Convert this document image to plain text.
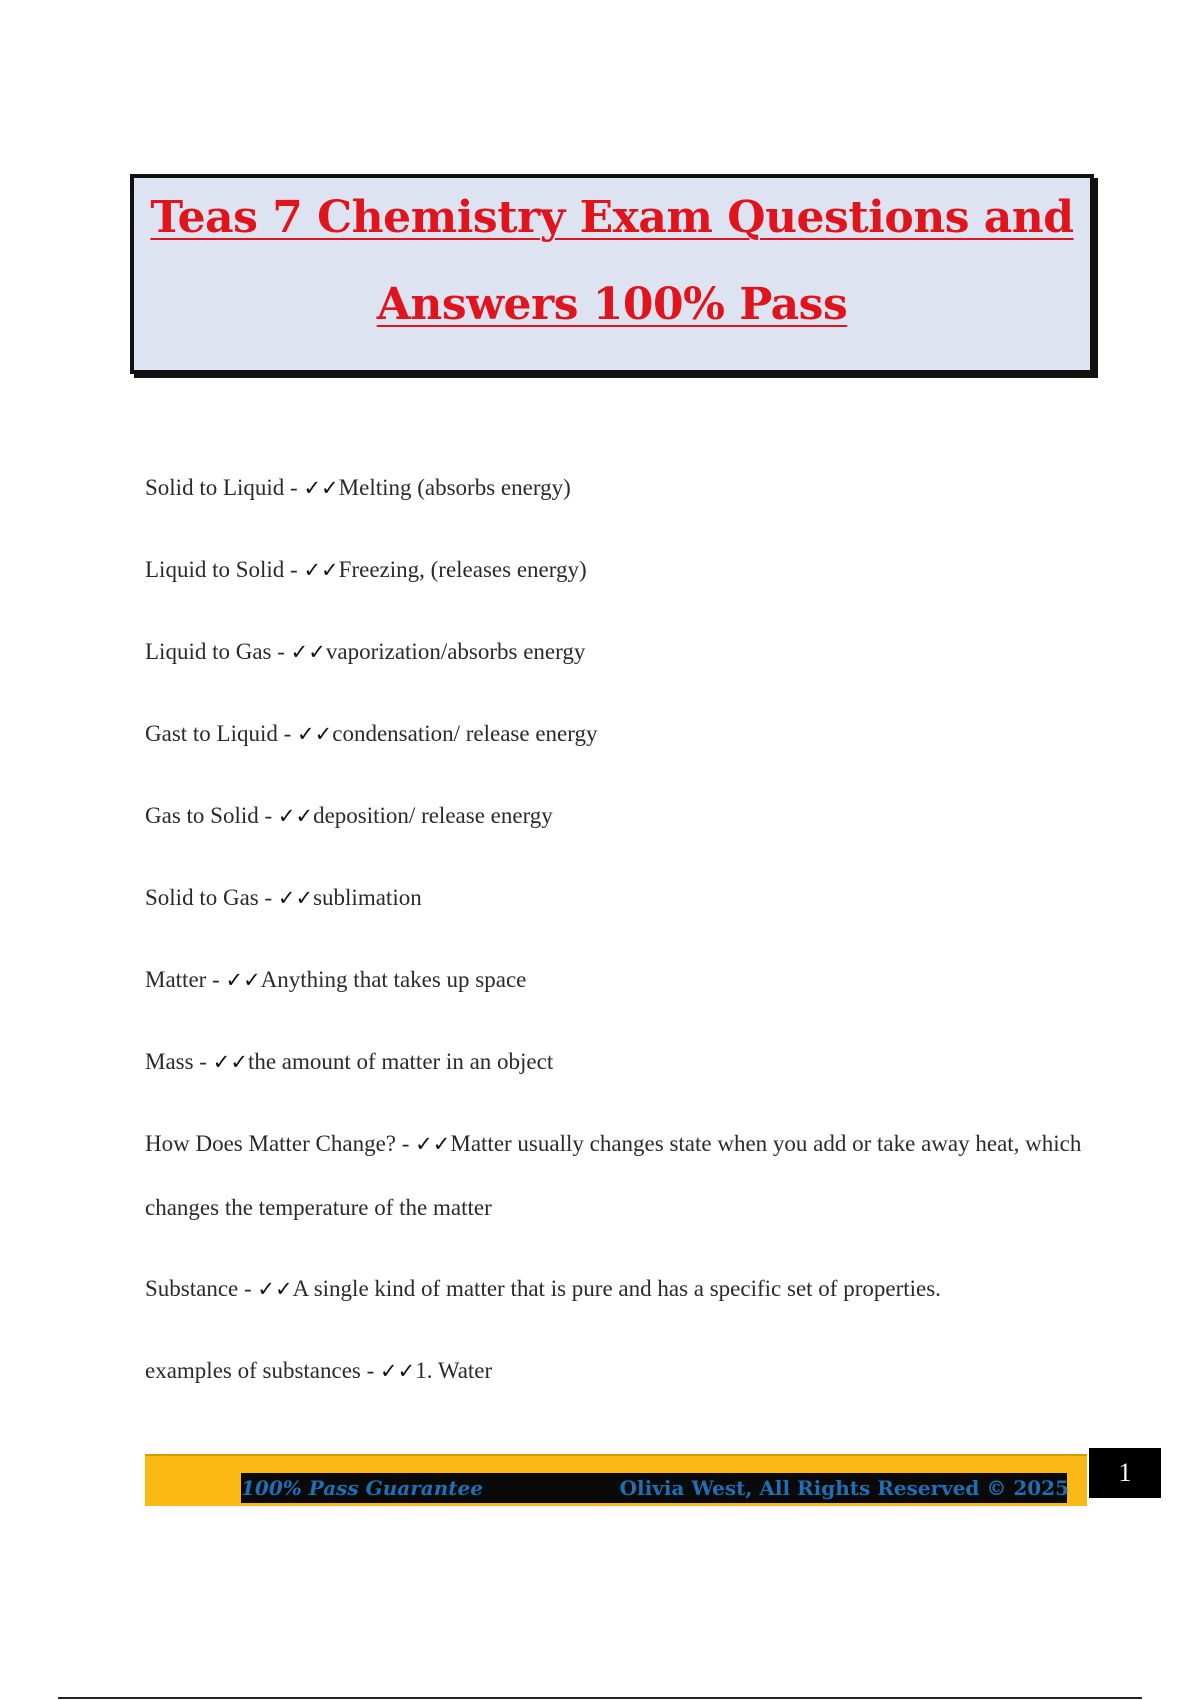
Teas 7 Chemistry Exam Questions and
Answers 100% Pass

Solid to Liquid - ✓✓Melting (absorbs energy)

Liquid to Solid - ✓✓Freezing, (releases energy)

Liquid to Gas - ✓✓vaporization/absorbs energy

Gast to Liquid - ✓✓condensation/ release energy

Gas to Solid - ✓✓deposition/ release energy

Solid to Gas - ✓✓sublimation

Matter - ✓✓Anything that takes up space

Mass - ✓✓the amount of matter in an object

How Does Matter Change? - ✓✓Matter usually changes state when you add or take away heat, which changes the temperature of the matter

Substance - ✓✓A single kind of matter that is pure and has a specific set of properties.

examples of substances - ✓✓1. Water

100% Pass Guarantee	Olivia West, All Rights Reserved © 2025
1
